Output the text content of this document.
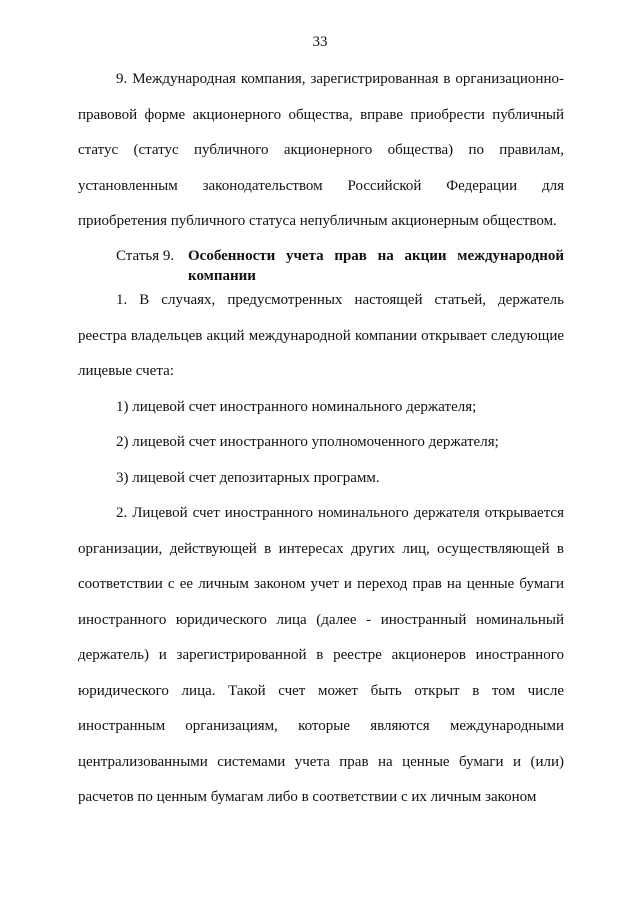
33

9. Международная компания, зарегистрированная в организационно-правовой форме акционерного общества, вправе приобрести публичный статус (статус публичного акционерного общества) по правилам, установленным законодательством Российской Федерации для приобретения публичного статуса непубличным акционерным обществом.

Статья 9. Особенности учета прав на акции международной компании

1. В случаях, предусмотренных настоящей статьей, держатель реестра владельцев акций международной компании открывает следующие лицевые счета:

1) лицевой счет иностранного номинального держателя;

2) лицевой счет иностранного уполномоченного держателя;

3) лицевой счет депозитарных программ.

2. Лицевой счет иностранного номинального держателя открывается организации, действующей в интересах других лиц, осуществляющей в соответствии с ее личным законом учет и переход прав на ценные бумаги иностранного юридического лица (далее - иностранный номинальный держатель) и зарегистрированной в реестре акционеров иностранного юридического лица. Такой счет может быть открыт в том числе иностранным организациям, которые являются международными централизованными системами учета прав на ценные бумаги и (или) расчетов по ценным бумагам либо в соответствии с их личным законом
